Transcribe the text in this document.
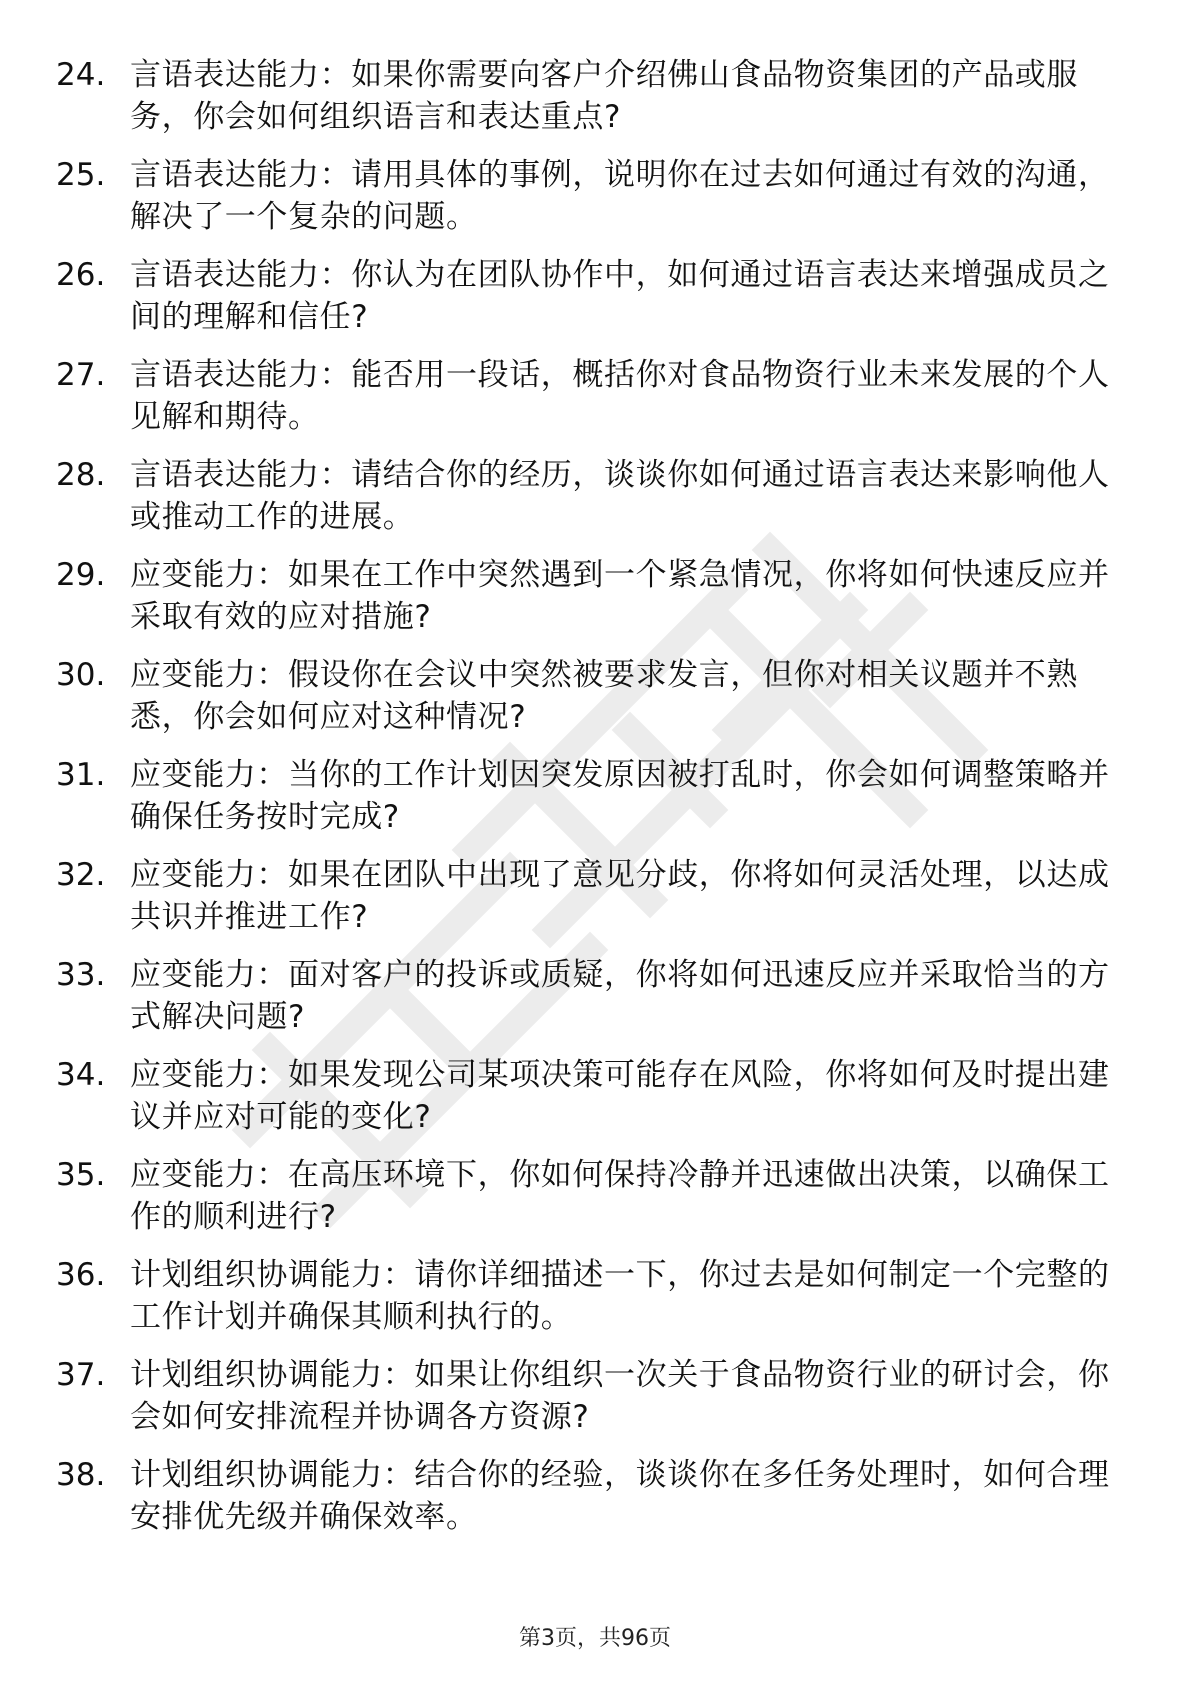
24. 言语表达能力：如果你需要向客户介绍佛山食品物资集团的产品或服务，你会如何组织语言和表达重点?
25. 言语表达能力：请用具体的事例，说明你在过去如何通过有效的沟通，解决了一个复杂的问题。
26. 言语表达能力：你认为在团队协作中，如何通过语言表达来增强成员之间的理解和信任?
27. 言语表达能力：能否用一段话，概括你对食品物资行业未来发展的个人见解和期待。
28. 言语表达能力：请结合你的经历，谈谈你如何通过语言表达来影响他人或推动工作的进展。
29. 应变能力：如果在工作中突然遇到一个紧急情况，你将如何快速反应并采取有效的应对措施?
30. 应变能力：假设你在会议中突然被要求发言，但你对相关议题并不熟悉，你会如何应对这种情况?
31. 应变能力：当你的工作计划因突发原因被打乱时，你会如何调整策略并确保任务按时完成?
32. 应变能力：如果在团队中出现了意见分歧，你将如何灵活处理，以达成共识并推进工作?
33. 应变能力：面对客户的投诉或质疑，你将如何迅速反应并采取恰当的方式解决问题?
34. 应变能力：如果发现公司某项决策可能存在风险，你将如何及时提出建议并应对可能的变化?
35. 应变能力：在高压环境下，你如何保持冷静并迅速做出决策，以确保工作的顺利进行?
36. 计划组织协调能力：请你详细描述一下，你过去是如何制定一个完整的工作计划并确保其顺利执行的。
37. 计划组织协调能力：如果让你组织一次关于食品物资行业的研讨会，你会如何安排流程并协调各方资源?
38. 计划组织协调能力：结合你的经验，谈谈你在多任务处理时，如何合理安排优先级并确保效率。
第3页，共96页
